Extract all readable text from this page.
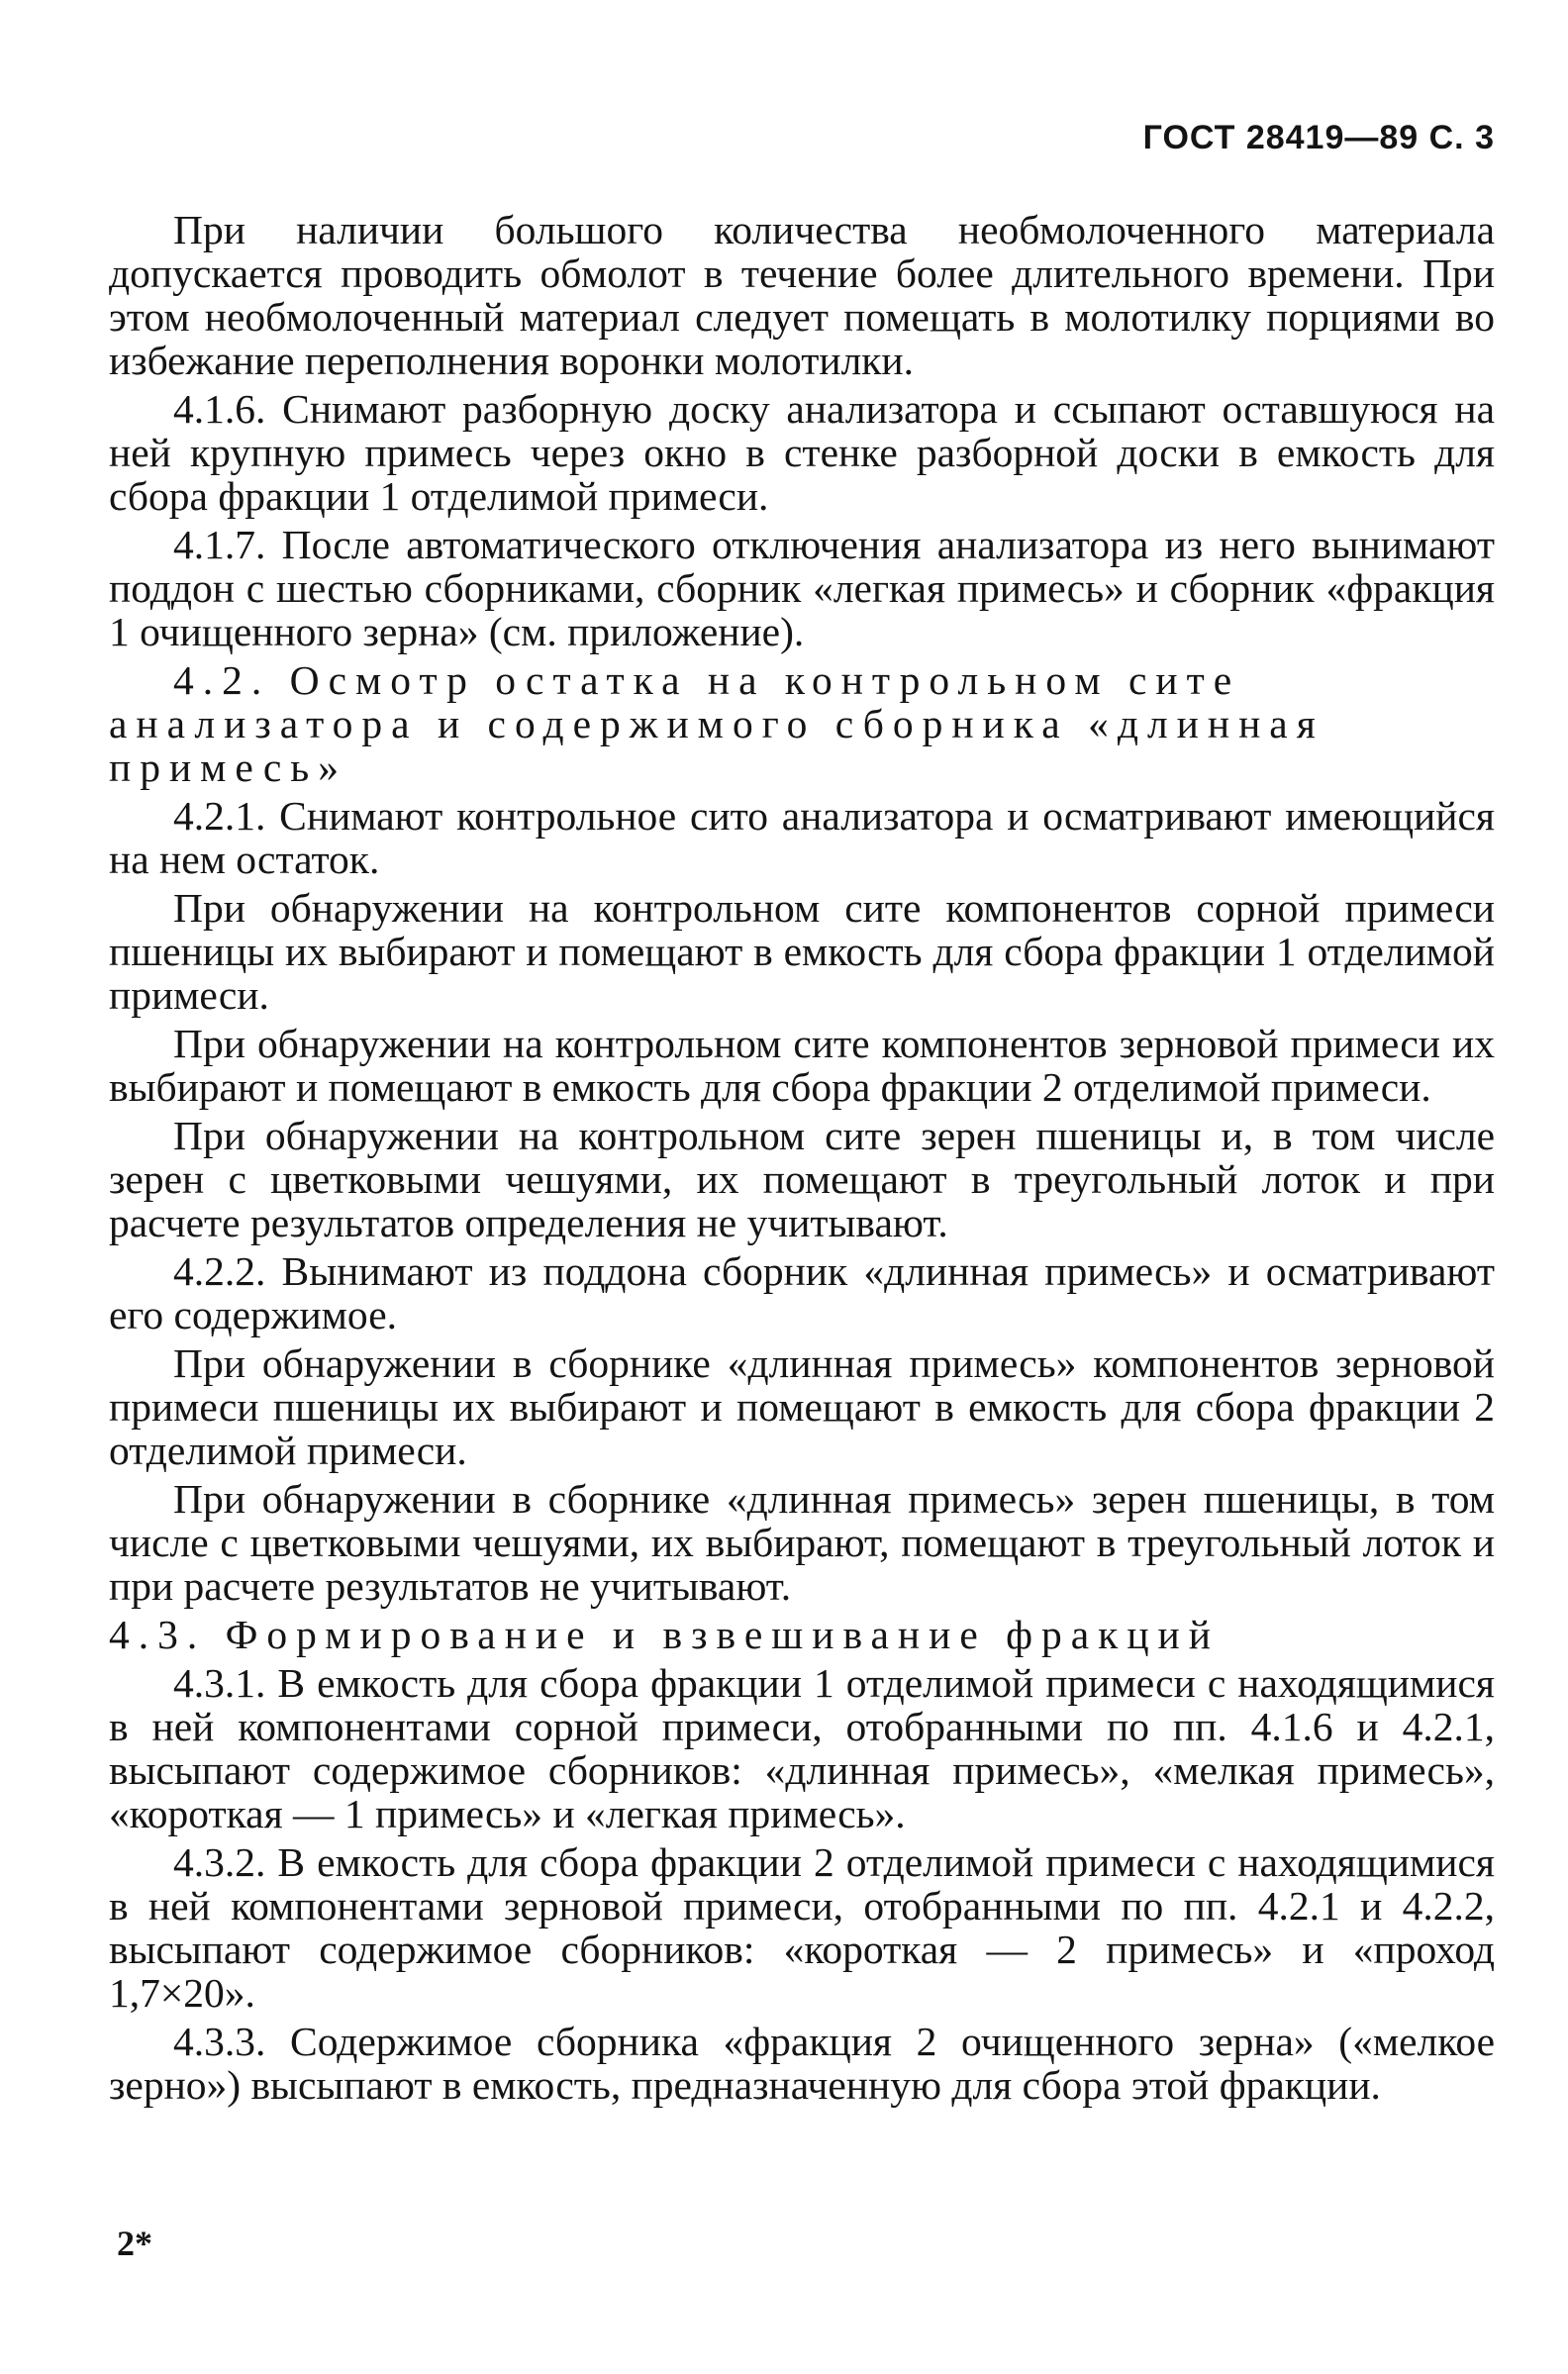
ГОСТ 28419—89 С. 3

При наличии большого количества необмолоченного материала допускается проводить обмолот в течение более длительного времени. При этом необмолоченный материал следует помещать в молотилку порциями во избежание переполнения воронки молотилки.

4.1.6. Снимают разборную доску анализатора и ссыпают оставшуюся на ней крупную примесь через окно в стенке разборной доски в емкость для сбора фракции 1 отделимой примеси.

4.1.7. После автоматического отключения анализатора из него вынимают поддон с шестью сборниками, сборник «легкая примесь» и сборник «фракция 1 очищенного зерна» (см. приложение).

4.2. Осмотр остатка на контрольном сите анализатора и содержимого сборника «длинная примесь»

4.2.1. Снимают контрольное сито анализатора и осматривают имеющийся на нем остаток.

При обнаружении на контрольном сите компонентов сорной примеси пшеницы их выбирают и помещают в емкость для сбора фракции 1 отделимой примеси.

При обнаружении на контрольном сите компонентов зерновой примеси их выбирают и помещают в емкость для сбора фракции 2 отделимой примеси.

При обнаружении на контрольном сите зерен пшеницы и, в том числе зерен с цветковыми чешуями, их помещают в треугольный лоток и при расчете результатов определения не учитывают.

4.2.2. Вынимают из поддона сборник «длинная примесь» и осматривают его содержимое.

При обнаружении в сборнике «длинная примесь» компонентов зерновой примеси пшеницы их выбирают и помещают в емкость для сбора фракции 2 отделимой примеси.

При обнаружении в сборнике «длинная примесь» зерен пшеницы, в том числе с цветковыми чешуями, их выбирают, помещают в треугольный лоток и при расчете результатов не учитывают.

4.3. Формирование и взвешивание фракций

4.3.1. В емкость для сбора фракции 1 отделимой примеси с находящимися в ней компонентами сорной примеси, отобранными по пп. 4.1.6 и 4.2.1, высыпают содержимое сборников: «длинная примесь», «мелкая примесь», «короткая — 1 примесь» и «легкая примесь».

4.3.2. В емкость для сбора фракции 2 отделимой примеси с находящимися в ней компонентами зерновой примеси, отобранными по пп. 4.2.1 и 4.2.2, высыпают содержимое сборников: «короткая — 2 примесь» и «проход 1,7×20».

4.3.3. Содержимое сборника «фракция 2 очищенного зерна» («мелкое зерно») высыпают в емкость, предназначенную для сбора этой фракции.

2*
